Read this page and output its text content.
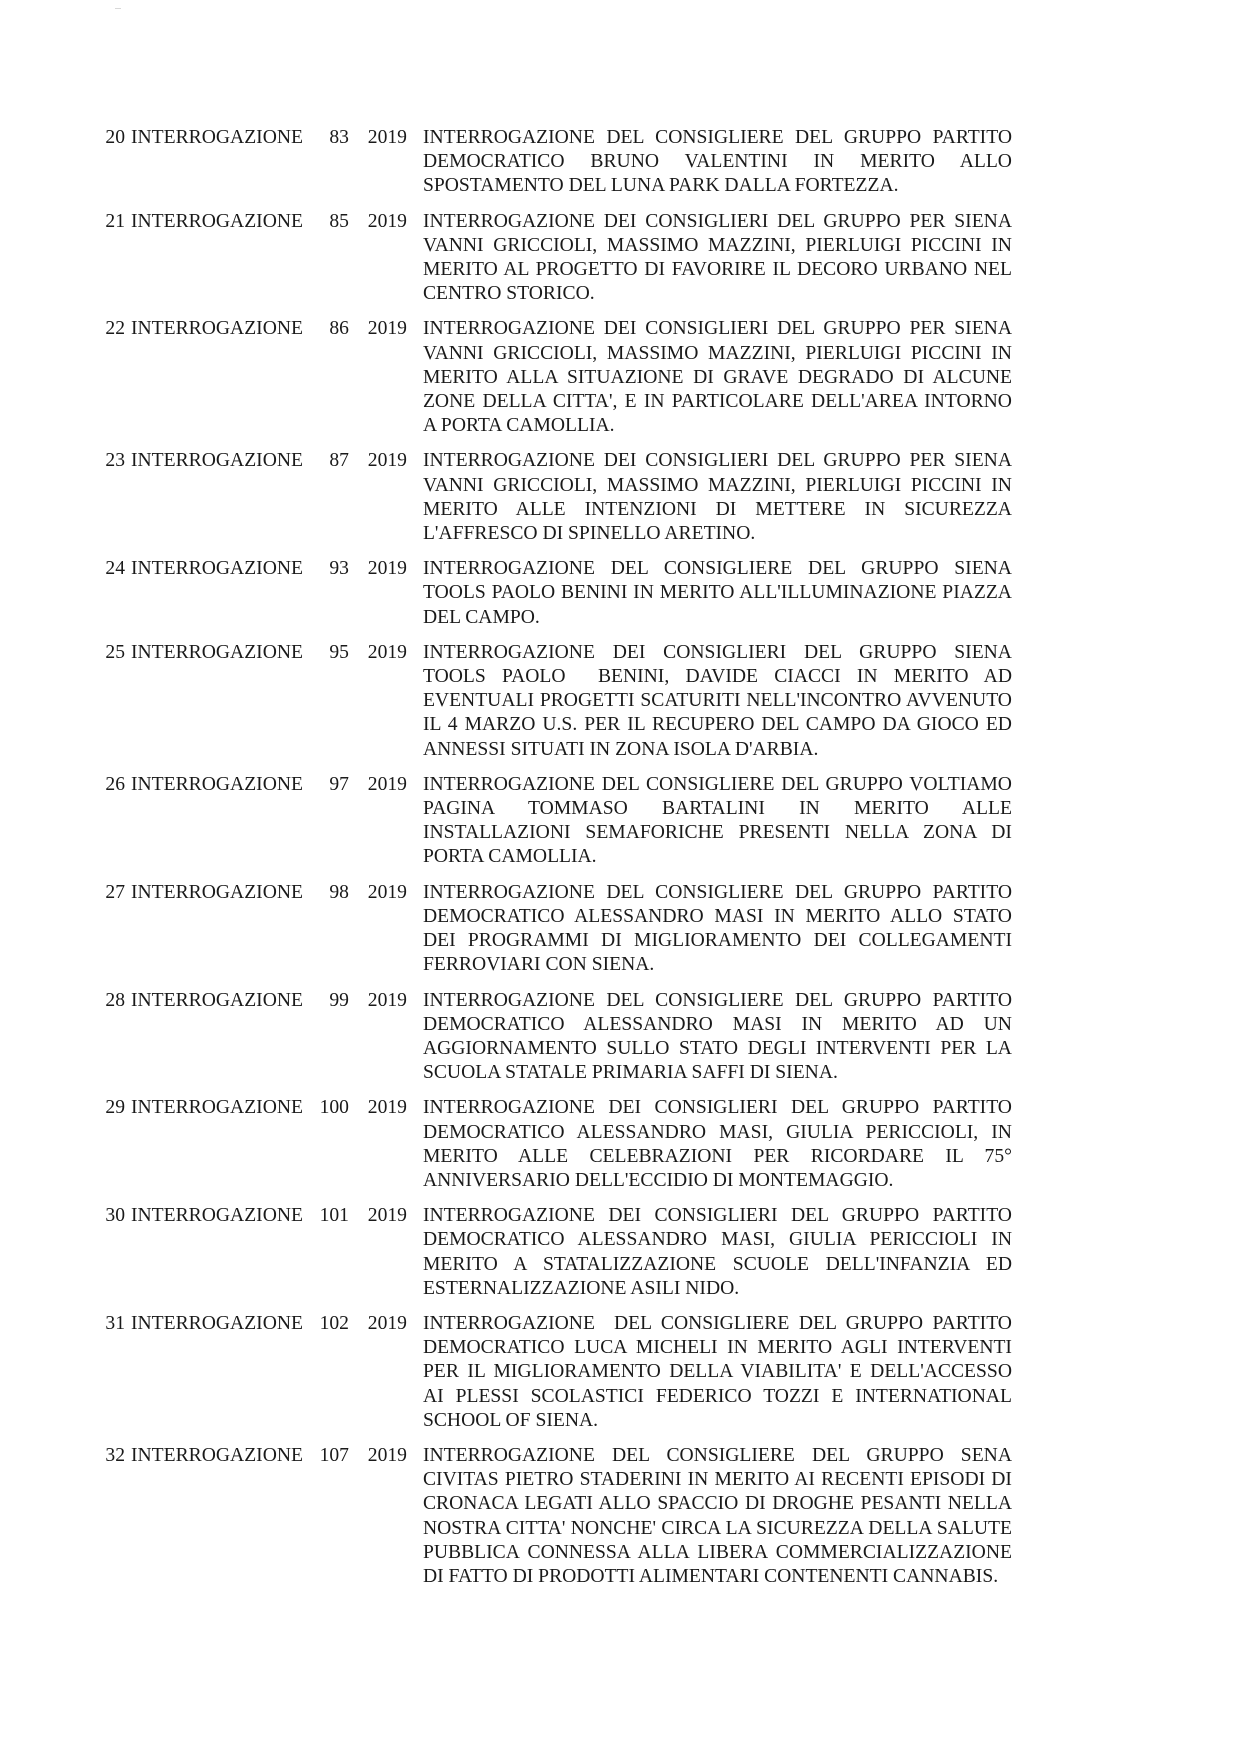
20 INTERROGAZIONE	83 2019 INTERROGAZIONE DEL CONSIGLIERE DEL GRUPPO PARTITO DEMOCRATICO BRUNO VALENTINI IN MERITO ALLO SPOSTAMENTO DEL LUNA PARK DALLA FORTEZZA.
21 INTERROGAZIONE	85 2019 INTERROGAZIONE DEI CONSIGLIERI DEL GRUPPO PER SIENA VANNI GRICCIOLI, MASSIMO MAZZINI, PIERLUIGI PICCINI IN MERITO AL PROGETTO DI FAVORIRE IL DECORO URBANO NEL CENTRO STORICO.
22 INTERROGAZIONE	86 2019 INTERROGAZIONE DEI CONSIGLIERI DEL GRUPPO PER SIENA VANNI GRICCIOLI, MASSIMO MAZZINI, PIERLUIGI PICCINI IN MERITO ALLA SITUAZIONE DI GRAVE DEGRADO DI ALCUNE ZONE DELLA CITTA', E IN PARTICOLARE DELL'AREA INTORNO A PORTA CAMOLLIA.
23 INTERROGAZIONE	87 2019 INTERROGAZIONE DEI CONSIGLIERI DEL GRUPPO PER SIENA VANNI GRICCIOLI, MASSIMO MAZZINI, PIERLUIGI PICCINI IN MERITO ALLE INTENZIONI DI METTERE IN SICUREZZA L'AFFRESCO DI SPINELLO ARETINO.
24 INTERROGAZIONE	93 2019 INTERROGAZIONE DEL CONSIGLIERE DEL GRUPPO SIENA TOOLS PAOLO BENINI IN MERITO ALL'ILLUMINAZIONE PIAZZA DEL CAMPO.
25 INTERROGAZIONE	95 2019 INTERROGAZIONE DEI CONSIGLIERI DEL GRUPPO SIENA TOOLS PAOLO  BENINI, DAVIDE CIACCI IN MERITO AD EVENTUALI PROGETTI SCATURITI NELL'INCONTRO AVVENUTO IL 4 MARZO U.S. PER IL RECUPERO DEL CAMPO DA GIOCO ED ANNESSI SITUATI IN ZONA ISOLA D'ARBIA.
26 INTERROGAZIONE	97 2019 INTERROGAZIONE DEL CONSIGLIERE DEL GRUPPO VOLTIAMO PAGINA TOMMASO BARTALINI IN MERITO ALLE INSTALLAZIONI SEMAFORICHE PRESENTI NELLA ZONA DI PORTA CAMOLLIA.
27 INTERROGAZIONE	98 2019 INTERROGAZIONE DEL CONSIGLIERE DEL GRUPPO PARTITO DEMOCRATICO ALESSANDRO MASI IN MERITO ALLO STATO DEI PROGRAMMI DI MIGLIORAMENTO DEI COLLEGAMENTI FERROVIARI CON SIENA.
28 INTERROGAZIONE	99 2019 INTERROGAZIONE DEL CONSIGLIERE DEL GRUPPO PARTITO DEMOCRATICO ALESSANDRO MASI IN MERITO AD UN AGGIORNAMENTO SULLO STATO DEGLI INTERVENTI PER LA SCUOLA STATALE PRIMARIA SAFFI DI SIENA.
29 INTERROGAZIONE 100 2019 INTERROGAZIONE DEI CONSIGLIERI DEL GRUPPO PARTITO DEMOCRATICO ALESSANDRO MASI, GIULIA PERICCIOLI, IN MERITO ALLE CELEBRAZIONI PER RICORDARE IL 75° ANNIVERSARIO DELL'ECCIDIO DI MONTEMAGGIO.
30 INTERROGAZIONE 101 2019 INTERROGAZIONE DEI CONSIGLIERI DEL GRUPPO PARTITO DEMOCRATICO ALESSANDRO MASI, GIULIA PERICCIOLI IN MERITO A STATALIZZAZIONE SCUOLE DELL'INFANZIA ED ESTERNALIZZAZIONE ASILI NIDO.
31 INTERROGAZIONE 102 2019 INTERROGAZIONE  DEL CONSIGLIERE DEL GRUPPO PARTITO DEMOCRATICO LUCA MICHELI IN MERITO AGLI INTERVENTI PER IL MIGLIORAMENTO DELLA VIABILITA' E DELL'ACCESSO AI PLESSI SCOLASTICI FEDERICO TOZZI E INTERNATIONAL SCHOOL OF SIENA.
32 INTERROGAZIONE 107 2019 INTERROGAZIONE DEL CONSIGLIERE DEL GRUPPO SENA CIVITAS PIETRO STADERINI IN MERITO AI RECENTI EPISODI DI CRONACA LEGATI ALLO SPACCIO DI DROGHE PESANTI NELLA NOSTRA CITTA' NONCHE' CIRCA LA SICUREZZA DELLA SALUTE PUBBLICA CONNESSA ALLA LIBERA COMMERCIALIZZAZIONE DI FATTO DI PRODOTTI ALIMENTARI CONTENENTI CANNABIS.
